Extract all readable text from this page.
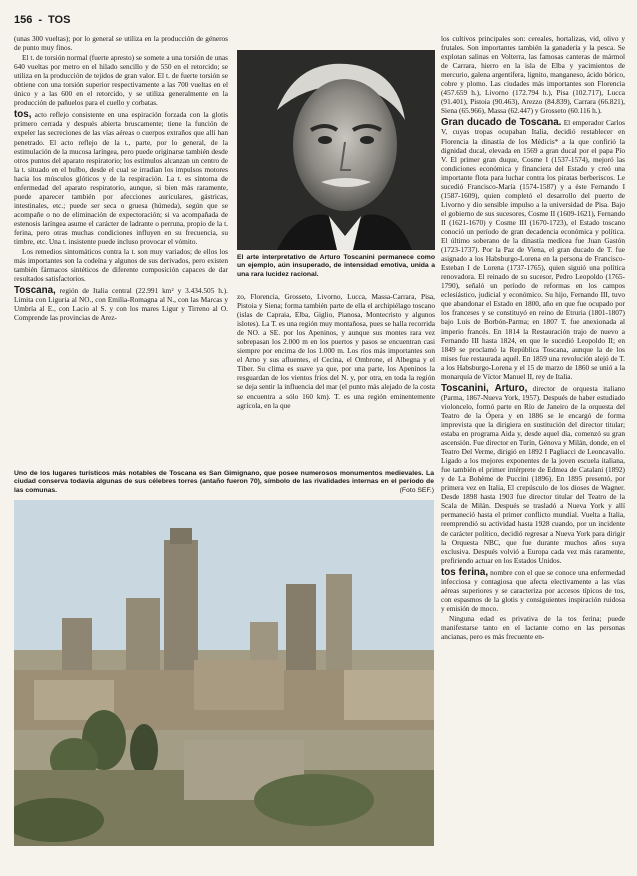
156 - TOS

(unas 300 vueltas); por lo general se utiliza en la producción de géneros de punto muy finos.

El t. de torsión normal (fuerte apresto) se somete a una torsión de unas 640 vueltas por metro en el hilado sencillo y de 550 en el retorcido; se utiliza en la producción de tejidos de gran valor. El t. de fuerte torsión se obtiene con una torsión superior respectivamente a las 700 vueltas en el único y a las 600 en el retorcido, y se utiliza generalmente en la producción de pañuelos para el cuello y corbatas.

tos, acto reflejo consistente en una espiración forzada con la glotis primero cerrada y después abierta bruscamente; tiene la función de expeler las secreciones de las vías aéreas o cuerpos extraños que allí han penetrado. El acto reflejo de la t., parte, por lo general, de la estimulación de la mucosa laríngea, pero puede originarse también desde otros puntos del aparato respiratorio; los estímulos alcanzan un centro de la t. situado en el bulbo, desde el cual se irradian los impulsos motores hacia los músculos glóticos y de la respiración. La t. es síntoma de enfermedad del aparato respiratorio, aunque, si bien más raramente, puede aparecer también por afecciones auriculares, gástricas, intestinales, etc.; puede ser seca o gruesa (húmeda), según que se acompañe o no de eliminación de expectoración; si va acompañada de estenosis laríngea asume el carácter de ladrante o perruna, propio de la t. ferina, pero otras muchas condiciones influyen en su frecuencia, su timbre, etc. Una t. insistente puede incluso provocar el vómito.

Los remedios sintomáticos contra la t. son muy variados; de ellos los más importantes son la codeína y algunos de sus derivados, pero existen también fármacos sintéticos de diferente composición capaces de dar resultados satisfactorios.

Toscana, región de Italia central (22.991 km² y 3.434.505 h.). Limita con Liguria al NO., con Emilia-Romagna al N., con las Marcas y Umbría al E., con Lacio al S. y con los mares Ligur y Tirreno al O. Comprende las provincias de Arez-

El arte interpretativo de Arturo Toscanini permanece como un ejemplo, aún insuperado, de intensidad emotiva, unida a una rara lucidez racional.

zo, Florencia, Grosseto, Livorno, Lucca, Massa-Carrara, Pisa, Pistoia y Siena; forma también parte de ella el archipiélago toscano (islas de Capraia, Elba, Giglio, Pianosa, Montecristo y algunos islotes). La T. es una región muy montañosa, pues se halla recorrida de NO. a SE. por los Apeninos, y aunque sus montes rara vez sobrepasan los 2.000 m en los puertos y pasos se encuentran casi siempre por encima de los 1.000 m. Los ríos más importantes son el Arno y sus afluentes, el Cecina, el Ombrone, el Albegna y el Tíber. Su clima es suave ya que, por una parte, los Apeninos la resguardan de los vientos fríos del N. y, por otra, en toda la región se deja sentir la influencia del mar (el punto más alejado de la costa se encuentra a sólo 160 km). T. es una región eminentemente agrícola, en la que

los cultivos principales son: cereales, hortalizas, vid, olivo y frutales. Son importantes también la ganadería y la pesca. Se explotan salinas en Volterra, las famosas canteras de mármol de Carrara, hierro en la isla de Elba y yacimientos de mercurio, galena argentífera, lignito, manganeso, ácido bórico, cobre y plomo. Las ciudades más importantes son Florencia (457.659 h.), Livorno (172.794 h.), Pisa (102.717), Lucca (91.401), Pistoia (90.463), Arezzo (84.839), Carrara (66.821), Siena (65.966), Massa (62.447) y Grosseto (60.116 h.).

Gran ducado de Toscana. El emperador Carlos V, cuyas tropas ocupaban Italia, decidió restablecer en Florencia la dinastía de los Médicis* a la que confirió la dignidad ducal, elevada en 1569 a gran ducal por el papa Pío V. El primer gran duque, Cosme I (1537-1574), mejoró las condiciones económica y financiera del Estado y creó una importante flota para luchar contra los piratas berberiscos. Le sucedió Francisco-María (1574-1587) y a éste Fernando I (1587-1609), quien completó el desarrollo del puerto de Livorno y dio sensible impulso a la universidad de Pisa. Bajo el gobierno de sus sucesores, Cosme II (1609-1621), Fernando II (1621-1670) y Cosme III (1670-1723), el Estado toscano conoció un período de gran decadencia económica y política. El último soberano de la dinastía medícea fue Juan Gastón (1723-1737). Por la Paz de Viena, el gran ducado de T. fue asignado a los Habsburgo-Lorena en la persona de Francisco-Esteban I de Lorena (1737-1765), quien siguió una política renovadora. El reinado de su sucesor, Pedro Leopoldo (1765-1790), señaló un período de reformas en los campos eclesiástico, judicial y económico. Su hijo, Fernando III, tuvo que abandonar el Estado en 1800, año en que fue ocupado por los franceses y se constituyó en reino de Etruria (1801-1807) bajo Luis de Borbón-Parma; en 1807 T. fue anexionada al imperio francés. En 1814 la Restauración trajo de nuevo a Fernando III hasta 1824, en que le sucedió Leopoldo II; en 1849 se proclamó la República Toscana, aunque la de los mises fue restaurada aquél. En 1859 una revolución alejó de T. a los Habsburgo-Lorena y el 15 de marzo de 1860 se unió a la monarquía de Víctor Manuel II, rey de Italia.

Toscanini, Arturo, director de orquesta italiano (Parma, 1867-Nueva York, 1957). Después de haber estudiado violoncelo, formó parte en Río de Janeiro de la orquesta del Teatro de la Ópera y en 1886 se le encargó de forma imprevista que la dirigiera en sustitución del director titular; estaba en programa Aida y, desde aquel día, comenzó su gran ascensión. Fue director en Turín, Génova y Milán, donde, en el Teatro Del Verme, dirigió en 1892 I Pagliacci de Leoncavallo. Ligado a los mejores exponentes de la joven escuela italiana, fue también el primer intérprete de Edmea de Catalani (1892) y de La Bohème de Puccini (1896). En 1895 presentó, por primera vez en Italia, El crepúsculo de los dioses de Wagner. Desde 1898 hasta 1903 fue director titular del Teatro de la Scala de Milán. Después se trasladó a Nueva York y allí permaneció hasta el primer conflicto mundial. Vuelta a Italia, reemprendió su actividad hasta 1928 cuando, por un incidente de carácter político, decidió regresar a Nueva York para dirigir la Orquesta NBC, que fue durante muchos años suya exclusiva. Después volvió a Europa cada vez más raramente, prefiriendo actuar en los Estados Unidos.

tos ferina, nombre con el que se conoce una enfermedad infecciosa y contagiosa que afecta electivamente a las vías aéreas superiores y se caracteriza por accesos típicos de tos, con espasmos de la glotis y consiguientes inspiración ruidosa y emisión de moco.

Ninguna edad es privativa de la tos ferina; puede manifestarse tanto en el lactante como en las personas ancianas, pero es más frecuente en-

Uno de los lugares turísticos más notables de Toscana es San Gimignano, que posee numerosos monumentos medievales. La ciudad conserva todavía algunas de sus célebres torres (antaño fueron 70), símbolo de las rivalidades internas en el período de las comunas.	(Foto SEF.)
